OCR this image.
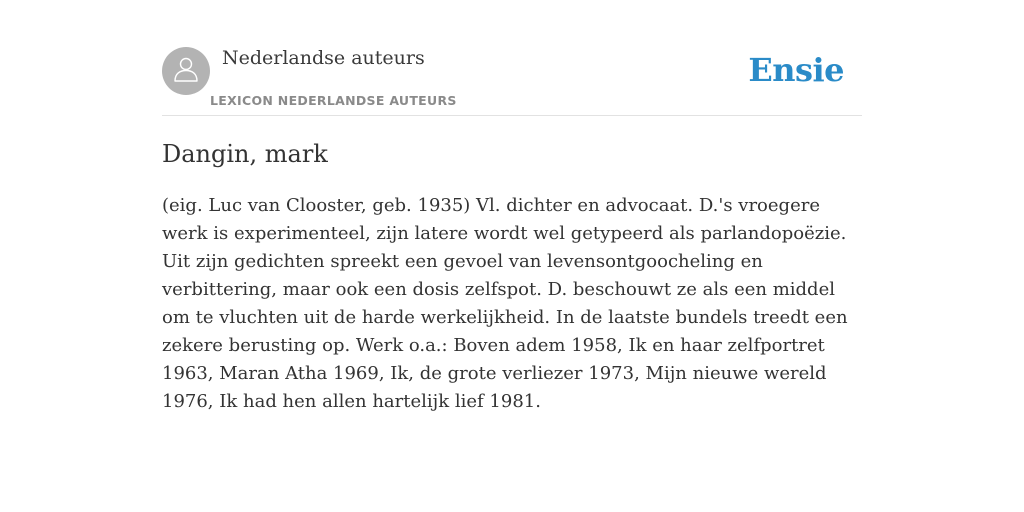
Nederlandse auteurs
LEXICON NEDERLANDSE AUTEURS
Ensie
Dangin, mark

(eig. Luc van Clooster, geb. 1935) Vl. dichter en advocaat. D.'s vroegere werk is experimenteel, zijn latere wordt wel getypeerd als parlandopoëzie. Uit zijn gedichten spreekt een gevoel van levensontgoocheling en verbittering, maar ook een dosis zelfspot. D. beschouwt ze als een middel om te vluchten uit de harde werkelijkheid. In de laatste bundels treedt een zekere berusting op. Werk o.a.: Boven adem 1958, Ik en haar zelfportret 1963, Maran Atha 1969, Ik, de grote verliezer 1973, Mijn nieuwe wereld 1976, Ik had hen allen hartelijk lief 1981.
